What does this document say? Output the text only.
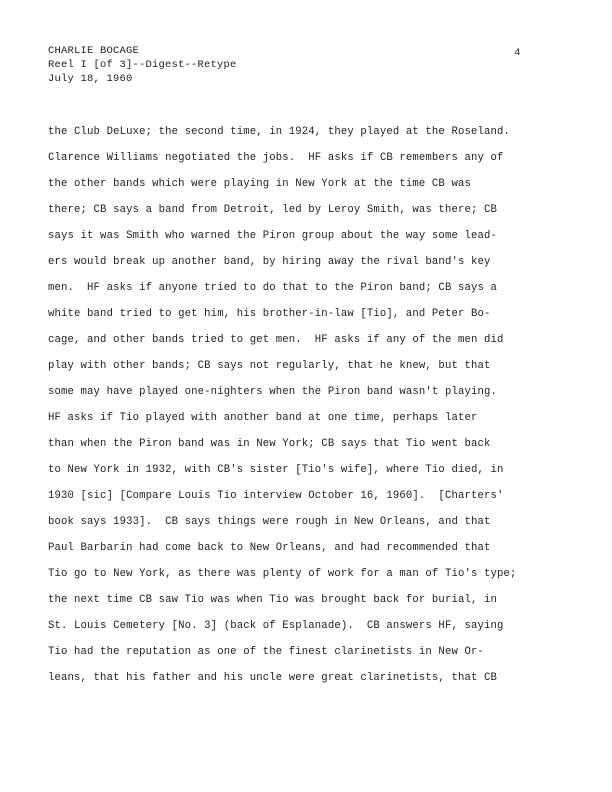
CHARLIE BOCAGE
Reel I [of 3]--Digest--Retype
July 18, 1960
4
the Club DeLuxe; the second time, in 1924, they played at the Roseland.
Clarence Williams negotiated the jobs.  HF asks if CB remembers any of
the other bands which were playing in New York at the time CB was
there; CB says a band from Detroit, led by Leroy Smith, was there; CB
says it was Smith who warned the Piron group about the way some lead-
ers would break up another band, by hiring away the rival band's key
men.  HF asks if anyone tried to do that to the Piron band; CB says a
white band tried to get him, his brother-in-law [Tio], and Peter Bo-
cage, and other bands tried to get men.  HF asks if any of the men did
play with other bands; CB says not regularly, that he knew, but that
some may have played one-nighters when the Piron band wasn't playing.
HF asks if Tio played with another band at one time, perhaps later
than when the Piron band was in New York; CB says that Tio went back
to New York in 1932, with CB's sister [Tio's wife], where Tio died, in
1930 [sic] [Compare Louis Tio interview October 16, 1960].  [Charters'
book says 1933].  CB says things were rough in New Orleans, and that
Paul Barbarin had come back to New Orleans, and had recommended that
Tio go to New York, as there was plenty of work for a man of Tio's type;
the next time CB saw Tio was when Tio was brought back for burial, in
St. Louis Cemetery [No. 3] (back of Esplanade).  CB answers HF, saying
Tio had the reputation as one of the finest clarinetists in New Or-
leans, that his father and his uncle were great clarinetists, that CB
